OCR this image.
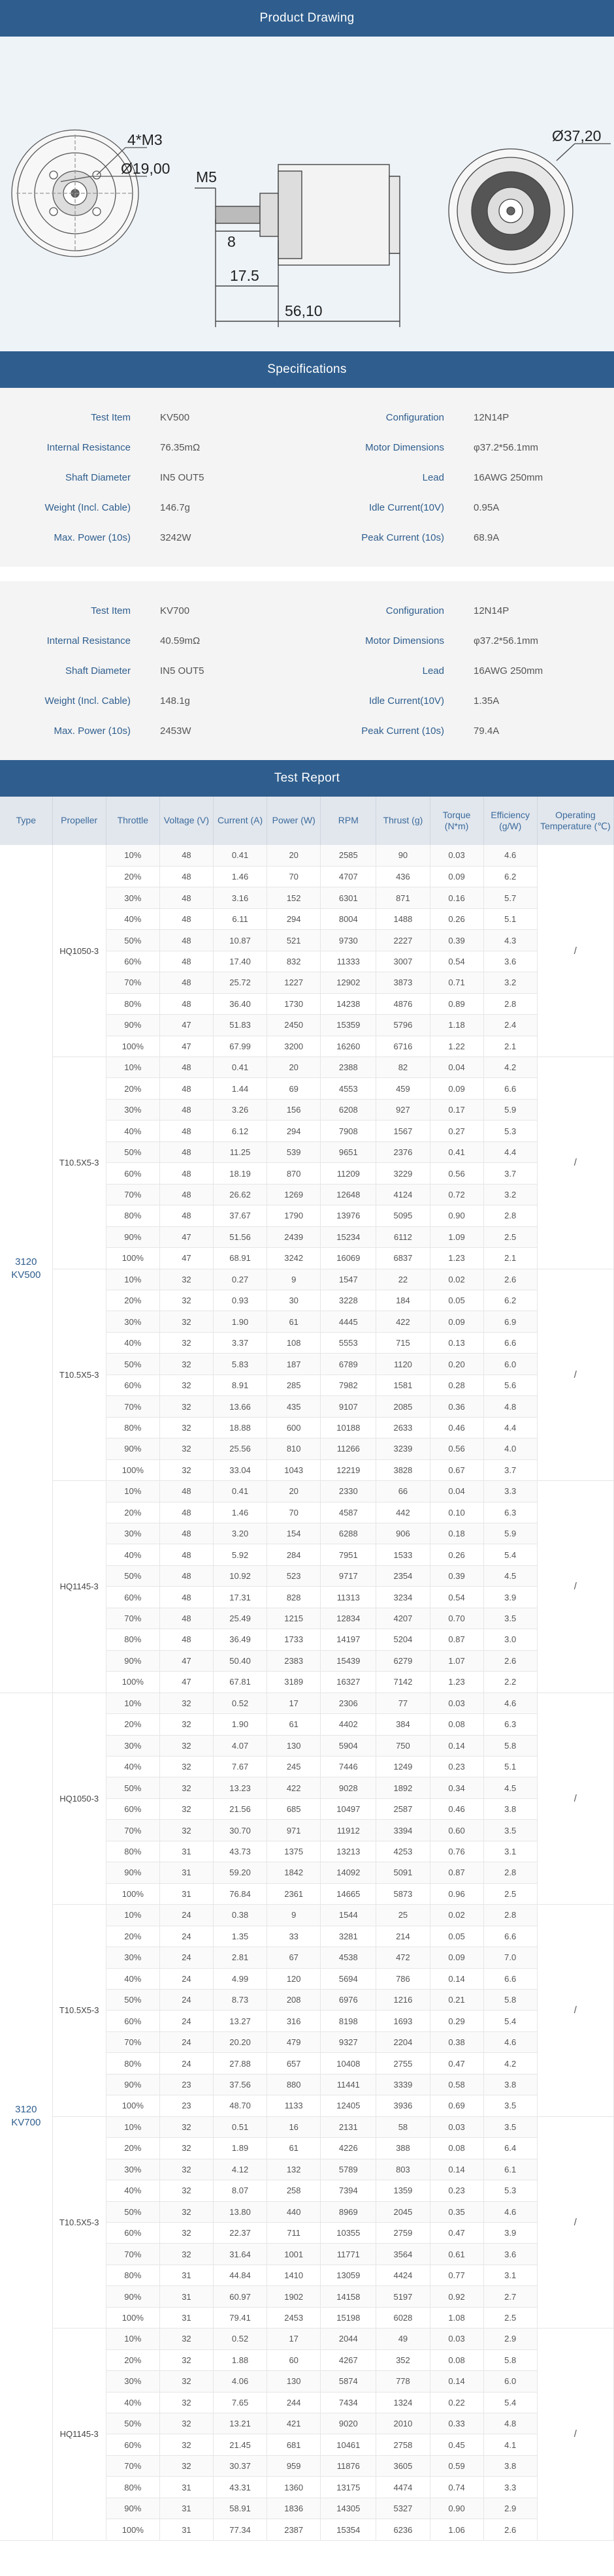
Product Drawing
4*M3
Ø19,00 M5
8
17.5
56,10
Ø37,20
Specifications
Test Item	KV500	Configuration	12N14P
Internal Resistance	76.35mΩ	Motor Dimensions	φ37.2*56.1mm
Shaft Diameter	IN5 OUT5	Lead	16AWG 250mm
Weight (Incl. Cable)	146.7g	Idle Current(10V)	0.95A
Max. Power (10s)	3242W	Peak Current (10s)	68.9A
Test Item	KV700	Configuration	12N14P
Internal Resistance	40.59mΩ	Motor Dimensions	φ37.2*56.1mm
Shaft Diameter	IN5 OUT5	Lead	16AWG 250mm
Weight (Incl. Cable)	148.1g	Idle Current(10V)	1.35A
Max. Power (10s)	2453W	Peak Current (10s)	79.4A
Test Report
Type	Propeller	Throttle	Voltage (V)	Current (A)	Power (W)	RPM	Thrust (g)	Torque (N*m)	Efficiency (g/W)	Operating Temperature (℃)
3120 KV500	HQ1050-3	10%	48	0.41	20	2585	90	0.03	4.6	/
		20%	48	1.46	70	4707	436	0.09	6.2	
		30%	48	3.16	152	6301	871	0.16	5.7	
		40%	48	6.11	294	8004	1488	0.26	5.1	
		50%	48	10.87	521	9730	2227	0.39	4.3	
		60%	48	17.40	832	11333	3007	0.54	3.6	
		70%	48	25.72	1227	12902	3873	0.71	3.2	
		80%	48	36.40	1730	14238	4876	0.89	2.8	
		90%	47	51.83	2450	15359	5796	1.18	2.4	
		100%	47	67.99	3200	16260	6716	1.22	2.1	
	T10.5X5-3	10%	48	0.41	20	2388	82	0.04	4.2	/
		20%	48	1.44	69	4553	459	0.09	6.6	
		30%	48	3.26	156	6208	927	0.17	5.9	
		40%	48	6.12	294	7908	1567	0.27	5.3	
		50%	48	11.25	539	9651	2376	0.41	4.4	
		60%	48	18.19	870	11209	3229	0.56	3.7	
		70%	48	26.62	1269	12648	4124	0.72	3.2	
		80%	48	37.67	1790	13976	5095	0.90	2.8	
		90%	47	51.56	2439	15234	6112	1.09	2.5	
		100%	47	68.91	3242	16069	6837	1.23	2.1	
	T10.5X5-3	10%	32	0.27	9	1547	22	0.02	2.6	/
		20%	32	0.93	30	3228	184	0.05	6.2	
		30%	32	1.90	61	4445	422	0.09	6.9	
		40%	32	3.37	108	5553	715	0.13	6.6	
		50%	32	5.83	187	6789	1120	0.20	6.0	
		60%	32	8.91	285	7982	1581	0.28	5.6	
		70%	32	13.66	435	9107	2085	0.36	4.8	
		80%	32	18.88	600	10188	2633	0.46	4.4	
		90%	32	25.56	810	11266	3239	0.56	4.0	
		100%	32	33.04	1043	12219	3828	0.67	3.7	
	HQ1145-3	10%	48	0.41	20	2330	66	0.04	3.3	/
		20%	48	1.46	70	4587	442	0.10	6.3	
		30%	48	3.20	154	6288	906	0.18	5.9	
		40%	48	5.92	284	7951	1533	0.26	5.4	
		50%	48	10.92	523	9717	2354	0.39	4.5	
		60%	48	17.31	828	11313	3234	0.54	3.9	
		70%	48	25.49	1215	12834	4207	0.70	3.5	
		80%	48	36.49	1733	14197	5204	0.87	3.0	
		90%	47	50.40	2383	15439	6279	1.07	2.6	
		100%	47	67.81	3189	16327	7142	1.23	2.2	
3120 KV700	HQ1050-3	10%	32	0.52	17	2306	77	0.03	4.6	/
		20%	32	1.90	61	4402	384	0.08	6.3	
		30%	32	4.07	130	5904	750	0.14	5.8	
		40%	32	7.67	245	7446	1249	0.23	5.1	
		50%	32	13.23	422	9028	1892	0.34	4.5	
		60%	32	21.56	685	10497	2587	0.46	3.8	
		70%	32	30.70	971	11912	3394	0.60	3.5	
		80%	31	43.73	1375	13213	4253	0.76	3.1	
		90%	31	59.20	1842	14092	5091	0.87	2.8	
		100%	31	76.84	2361	14665	5873	0.96	2.5	
	T10.5X5-3	10%	24	0.38	9	1544	25	0.02	2.8	/
		20%	24	1.35	33	3281	214	0.05	6.6	
		30%	24	2.81	67	4538	472	0.09	7.0	
		40%	24	4.99	120	5694	786	0.14	6.6	
		50%	24	8.73	208	6976	1216	0.21	5.8	
		60%	24	13.27	316	8198	1693	0.29	5.4	
		70%	24	20.20	479	9327	2204	0.38	4.6	
		80%	24	27.88	657	10408	2755	0.47	4.2	
		90%	23	37.56	880	11441	3339	0.58	3.8	
		100%	23	48.70	1133	12405	3936	0.69	3.5	
	T10.5X5-3	10%	32	0.51	16	2131	58	0.03	3.5	/
		20%	32	1.89	61	4226	388	0.08	6.4	
		30%	32	4.12	132	5789	803	0.14	6.1	
		40%	32	8.07	258	7394	1359	0.23	5.3	
		50%	32	13.80	440	8969	2045	0.35	4.6	
		60%	32	22.37	711	10355	2759	0.47	3.9	
		70%	32	31.64	1001	11771	3564	0.61	3.6	
		80%	31	44.84	1410	13059	4424	0.77	3.1	
		90%	31	60.97	1902	14158	5197	0.92	2.7	
		100%	31	79.41	2453	15198	6028	1.08	2.5	
	HQ1145-3	10%	32	0.52	17	2044	49	0.03	2.9	/
		20%	32	1.88	60	4267	352	0.08	5.8	
		30%	32	4.06	130	5874	778	0.14	6.0	
		40%	32	7.65	244	7434	1324	0.22	5.4	
		50%	32	13.21	421	9020	2010	0.33	4.8	
		60%	32	21.45	681	10461	2758	0.45	4.1	
		70%	32	30.37	959	11876	3605	0.59	3.8	
		80%	31	43.31	1360	13175	4474	0.74	3.3	
		90%	31	58.91	1836	14305	5327	0.90	2.9	
		100%	31	77.34	2387	15354	6236	1.06	2.6	
